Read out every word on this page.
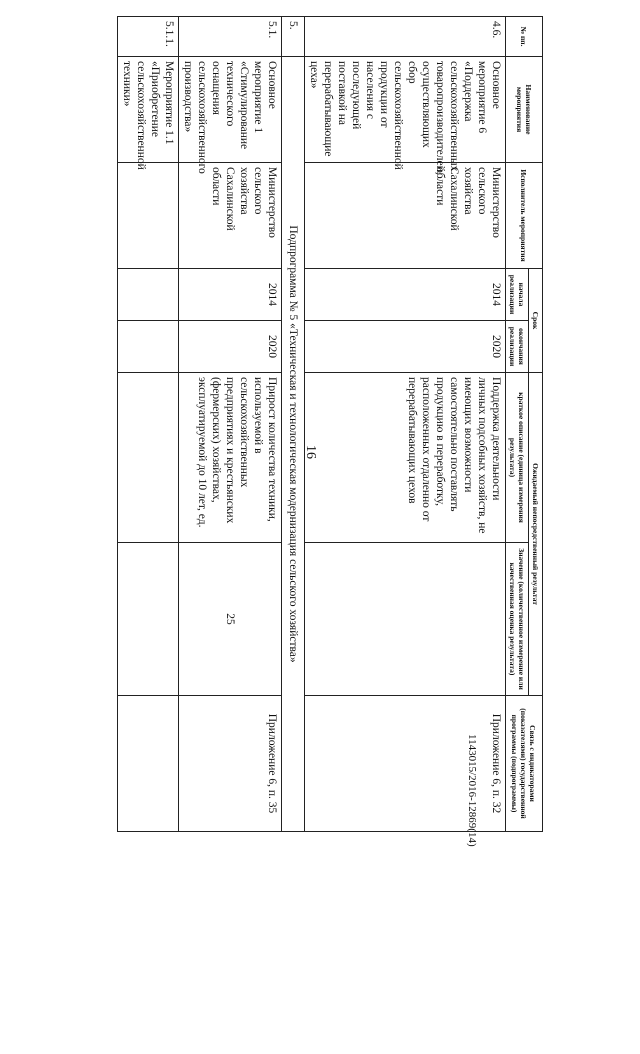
16
№ пп.	Наименование мероприятия	Исполнитель мероприятия	Срок		Ожидаемый непосредственный результат		Связь с индикаторами (показателями) государственной программы (подпрограммы)
			начала реализации	окончания реализации	краткое описание (единица измерения результата)	Значение (количественное измерение или качественная оценка результата)	
4.6.	Основное мероприятие 6 «Поддержка сельскохозяйственных товаропроизводителей, осуществляющих сбор сельскохозяйственной продукции от населения с последующей поставкой на перерабатывающие цеха»	Министерство сельского хозяйства Сахалинской области	2014	2020	Поддержка деятельности личных подсобных хозяйств, не имеющих возможности самостоятельно поставлять продукцию в переработку, расположенных отдаленно от перерабатывающих цехов		Приложение 6, п. 32
5.	Подпрограмма № 5 «Техническая и технологическая модернизация сельского хозяйства»						
5.1.	Основное мероприятие 1 «Стимулирование технического оснащения сельскохозяйственного производства»	Министерство сельского хозяйства Сахалинской области	2014	2020	Прирост количества техники, используемой в сельскохозяйственных предприятиях и крестьянских (фермерских) хозяйствах, эксплуатируемой до 10 лет, ед.	25	Приложение 6, п. 35
5.1.1.	Мероприятие 1.1 «Приобретение сельскохозяйственной техники»						
1143015/2016-12869(14)
